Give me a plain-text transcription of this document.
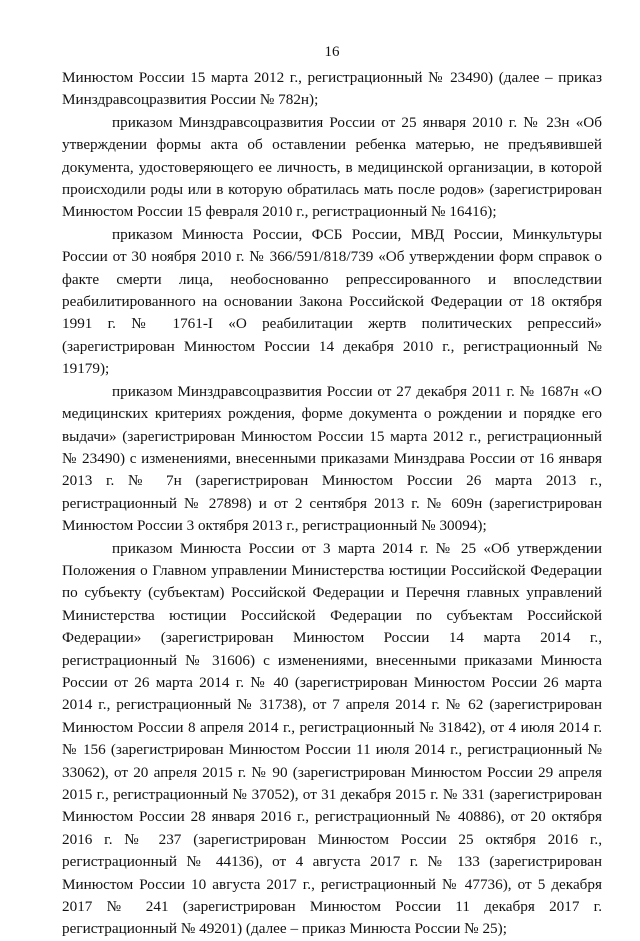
16

Минюстом России 15 марта 2012 г., регистрационный № 23490) (далее – приказ Минздравсоцразвития России № 782н);

приказом Минздравсоцразвития России от 25 января 2010 г. № 23н «Об утверждении формы акта об оставлении ребенка матерью, не предъявившей документа, удостоверяющего ее личность, в медицинской организации, в которой происходили роды или в которую обратилась мать после родов» (зарегистрирован Минюстом России 15 февраля 2010 г., регистрационный № 16416);

приказом Минюста России, ФСБ России, МВД России, Минкультуры России от 30 ноября 2010 г. № 366/591/818/739 «Об утверждении форм справок о факте смерти лица, необоснованно репрессированного и впоследствии реабилитированного на основании Закона Российской Федерации от 18 октября 1991 г. № 1761-I «О реабилитации жертв политических репрессий» (зарегистрирован Минюстом России 14 декабря 2010 г., регистрационный № 19179);

приказом Минздравсоцразвития России от 27 декабря 2011 г. № 1687н «О медицинских критериях рождения, форме документа о рождении и порядке его выдачи» (зарегистрирован Минюстом России 15 марта 2012 г., регистрационный № 23490) с изменениями, внесенными приказами Минздрава России от 16 января 2013 г. № 7н (зарегистрирован Минюстом России 26 марта 2013 г., регистрационный № 27898) и от 2 сентября 2013 г. № 609н (зарегистрирован Минюстом России 3 октября 2013 г., регистрационный № 30094);

приказом Минюста России от 3 марта 2014 г. № 25 «Об утверждении Положения о Главном управлении Министерства юстиции Российской Федерации по субъекту (субъектам) Российской Федерации и Перечня главных управлений Министерства юстиции Российской Федерации по субъектам Российской Федерации» (зарегистрирован Минюстом России 14 марта 2014 г., регистрационный № 31606) с изменениями, внесенными приказами Минюста России от 26 марта 2014 г. № 40 (зарегистрирован Минюстом России 26 марта 2014 г., регистрационный № 31738), от 7 апреля 2014 г. № 62 (зарегистрирован Минюстом России 8 апреля 2014 г., регистрационный № 31842), от 4 июля 2014 г. № 156 (зарегистрирован Минюстом России 11 июля 2014 г., регистрационный № 33062), от 20 апреля 2015 г. № 90 (зарегистрирован Минюстом России 29 апреля 2015 г., регистрационный № 37052), от 31 декабря 2015 г. № 331 (зарегистрирован Минюстом России 28 января 2016 г., регистрационный № 40886), от 20 октября 2016 г. № 237 (зарегистрирован Минюстом России 25 октября 2016 г., регистрационный № 44136), от 4 августа 2017 г. № 133 (зарегистрирован Минюстом России 10 августа 2017 г., регистрационный № 47736), от 5 декабря 2017 № 241 (зарегистрирован Минюстом России 11 декабря 2017 г. регистрационный № 49201) (далее – приказ Минюста России № 25);
